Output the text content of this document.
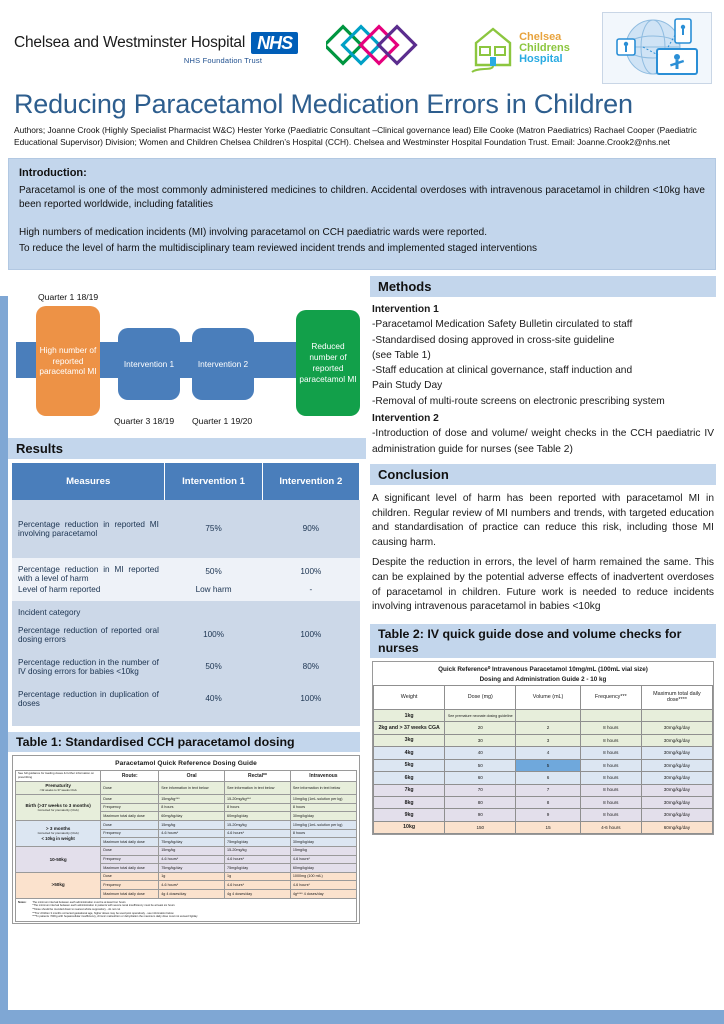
Chelsea and Westminster Hospital NHS
NHS Foundation Trust
Chelsea
Childrens
Hospital
Reducing Paracetamol Medication Errors in Children
Authors; Joanne Crook (Highly Specialist Pharmacist W&C) Hester Yorke (Paediatric Consultant –Clinical governance lead) Elle Cooke (Matron Paediatrics) Rachael Cooper (Paediatric Educational Supervisor) Division; Women and Children Chelsea Children’s Hospital (CCH). Chelsea and Westminster Hospital Foundation Trust. Email: Joanne.Crook2@nhs.net
Introduction:

Paracetamol is one of the most commonly administered medicines to children. Accidental overdoses with intravenous paracetamol in children <10kg have been reported worldwide, including fatalities

High numbers of medication incidents (MI) involving paracetamol on CCH paediatric wards were reported.

To reduce the level of harm the multidisciplinary team reviewed incident trends and implemented staged interventions

Quarter 1 18/19
High number of reported paracetamol MI
Intervention 1	Intervention 2
Reduced number of reported paracetamol MI
Quarter 3 18/19 Quarter 1 19/20
Results
Measures	Intervention 1	Intervention 2
Percentage reduction in reported MI involving paracetamol	75%	90%
Percentage reduction in MI reported with a level of harm	50%	100%
Level of harm reported	Low harm	-
Incident category		
Percentage reduction of reported oral dosing errors	100%	100%
Percentage reduction in the number of IV dosing errors for babies <10kg	50%	80%
Percentage reduction in duplication of doses	40%	100%
Table 1: Standardised CCH paracetamol dosing
Paracetamol Quick Reference Dosing Guide
See full guidance for loading doses & further information on prescribing	Route:	Oral	Rectal**	Intravenous

Prematurity
<32 weeks to 37 weeks CGA	Dose	See information in text below	See information in text below	See information in text below

Birth (>37 weeks to 3 months)
Corrected for prematurity (CGA)	Dose	15mg/kg***	15-20mg/kg***	10mg/kg (1mL solution per kg)
	Frequency	8 hours	8 hours	8 hours
	Maximum total daily dose	60mg/kg/day	60mg/kg/day	30mg/kg/day

> 3 months
Corrected for prematurity (CGA)
< 10kg in weight	Dose	15mg/kg	15-20mg/kg	10mg/kg (1mL solution per kg)
	Frequency	4-6 hours*	4-6 hours*	8 hours
	Maximum total daily dose	75mg/kg/day	75mg/kg/day	30mg/kg/day

10-50kg	Dose	15mg/kg	15-20mg/kg	15mg/kg
	Frequency	4-6 hours*	4-6 hours*	4-6 hours*
	Maximum total daily dose	75mg/kg/day	75mg/kg/day	60mg/kg/day

>50kg	Dose	1g	1g	1000mg (100 mlL)
	Frequency	4-6 hours*	4-6 hours*	4-6 hours*
	Maximum total daily dose	4g 4 doses/day	4g 4 doses/day	4g**** 4 doses/day
Notes:	The minimum interval between each administration must be at least four hours
*The minimum interval between each administration in patients with severe renal insufficiency must be at least six hours
**Dose should be rounded down to nearest whole suppository - do not cut
***For children 3 months corrected gestational age, higher doses may be used post operatively - see information below
****In patients >50Kg with hepatocellular insufficiency, chronic malnutrition or dehydration the maximum daily dose must not exceed 3g/day
Methods
Intervention 1
-Paracetamol Medication Safety Bulletin circulated to staff
-Standardised dosing approved in cross-site guideline
(see Table 1)
-Staff education at clinical governance, staff induction and
Pain Study Day
-Removal of multi-route screens on electronic prescribing system
Intervention 2
-Introduction of dose and volume/ weight checks in the CCH paediatric IV administration guide for nurses (see Table 2)
Conclusion

A significant level of harm has been reported with paracetamol MI in children. Regular review of MI numbers and trends, with targeted education and standardisation of practice can reduce this risk, including those MI causing harm.

Despite the reduction in errors, the level of harm remained the same. This can be explained by the potential adverse effects of inadvertent overdoses of paracetamol in children. Future work is needed to reduce incidents involving intravenous paracetamol in babies <10kg

Table 2: IV quick guide dose and volume checks for nurses
Quick Reference⁰ Intravenous Paracetamol 10mg/mL (100mL vial size)
Dosing and Administration Guide 2 - 10 kg
Weight	Dose (mg)	Volume (mL)	Frequency***	Maximum total daily dose****
1kg	See premature neonate dosing guideline			
2kg and > 37 weeks CGA	20	2	8 hours	30mg/kg/day
3kg	30	3	8 hours	30mg/kg/day
4kg	40	4	8 hours	30mg/kg/day
5kg	50	5	8 hours	30mg/kg/day
6kg	60	6	8 hours	30mg/kg/day
7kg	70	7	8 hours	30mg/kg/day
8kg	80	8	8 hours	30mg/kg/day
9kg	90	9	8 hours	30mg/kg/day
10kg	150	15	4-6 hours	60mg/kg/day
